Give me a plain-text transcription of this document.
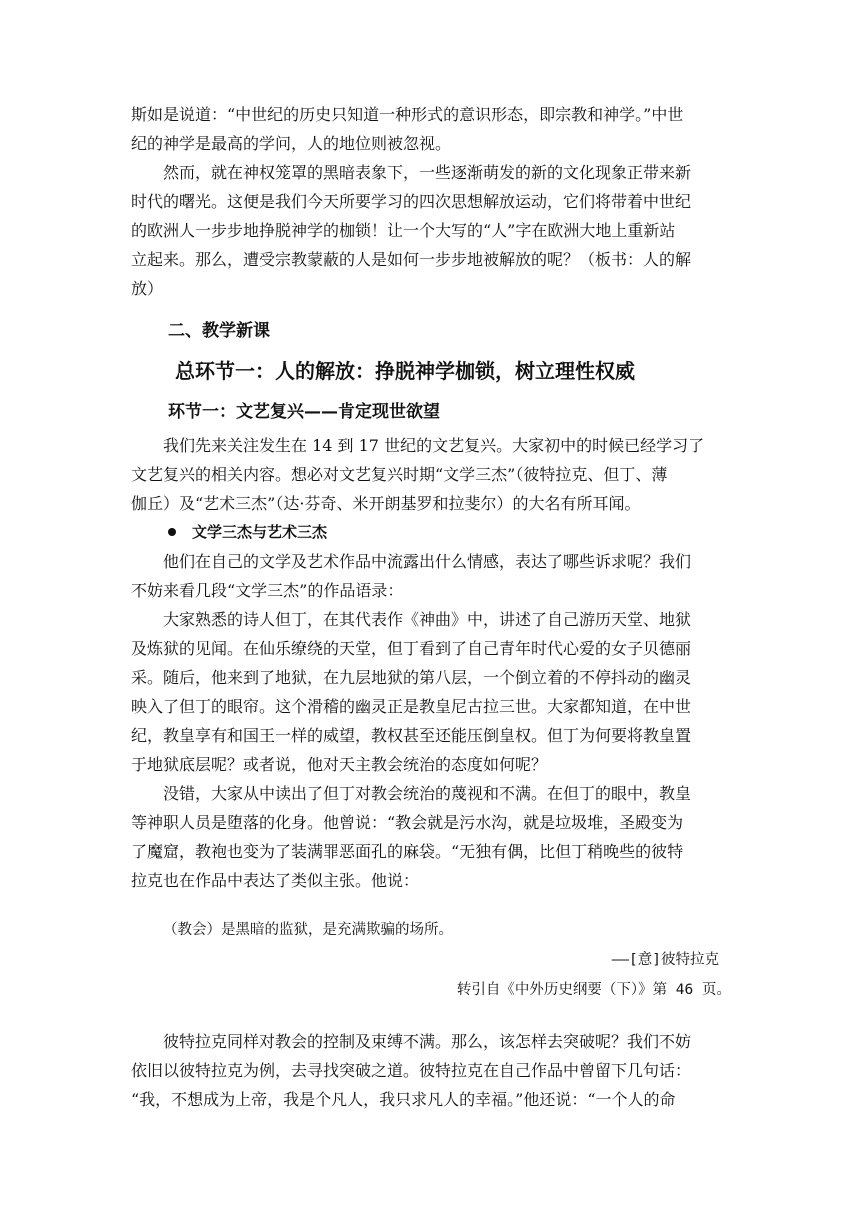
斯如是说道：“中世纪的历史只知道一种形式的意识形态，即宗教和神学。”中世

纪的神学是最高的学问，人的地位则被忽视。

然而，就在神权笼罩的黑暗表象下，一些逐渐萌发的新的文化现象正带来新

时代的曙光。这便是我们今天所要学习的四次思想解放运动，它们将带着中世纪

的欧洲人一步步地挣脱神学的枷锁！让一个大写的“人”字在欧洲大地上重新站

立起来。那么，遭受宗教蒙蔽的人是如何一步步地被解放的呢？（板书：人的解

放）

二、教学新课
总环节一：人的解放：挣脱神学枷锁，树立理性权威
环节一：文艺复兴——肯定现世欲望

我们先来关注发生在 14 到 17 世纪的文艺复兴。大家初中的时候已经学习了

文艺复兴的相关内容。想必对文艺复兴时期“文学三杰”（彼特拉克、但丁、薄

伽丘）及“艺术三杰”（达·芬奇、米开朗基罗和拉斐尔）的大名有所耳闻。

文学三杰与艺术三杰

他们在自己的文学及艺术作品中流露出什么情感，表达了哪些诉求呢？我们

不妨来看几段“文学三杰”的作品语录：

大家熟悉的诗人但丁，在其代表作《神曲》中，讲述了自己游历天堂、地狱

及炼狱的见闻。在仙乐缭绕的天堂，但丁看到了自己青年时代心爱的女子贝德丽

采。随后，他来到了地狱，在九层地狱的第八层，一个倒立着的不停抖动的幽灵

映入了但丁的眼帘。这个滑稽的幽灵正是教皇尼古拉三世。大家都知道，在中世

纪，教皇享有和国王一样的威望，教权甚至还能压倒皇权。但丁为何要将教皇置

于地狱底层呢？或者说，他对天主教会统治的态度如何呢？

没错，大家从中读出了但丁对教会统治的蔑视和不满。在但丁的眼中，教皇

等神职人员是堕落的化身。他曾说：“教会就是污水沟，就是垃圾堆，圣殿变为

了魔窟，教袍也变为了装满罪恶面孔的麻袋。“无独有偶，比但丁稍晚些的彼特

拉克也在作品中表达了类似主张。他说：

（教会）是黑暗的监狱，是充满欺骗的场所。

——[意]彼特拉克

转引自《中外历史纲要（下）》第 46 页。

彼特拉克同样对教会的控制及束缚不满。那么，该怎样去突破呢？我们不妨

依旧以彼特拉克为例，去寻找突破之道。彼特拉克在自己作品中曾留下几句话：

“我，不想成为上帝，我是个凡人，我只求凡人的幸福。”他还说：“一个人的命
